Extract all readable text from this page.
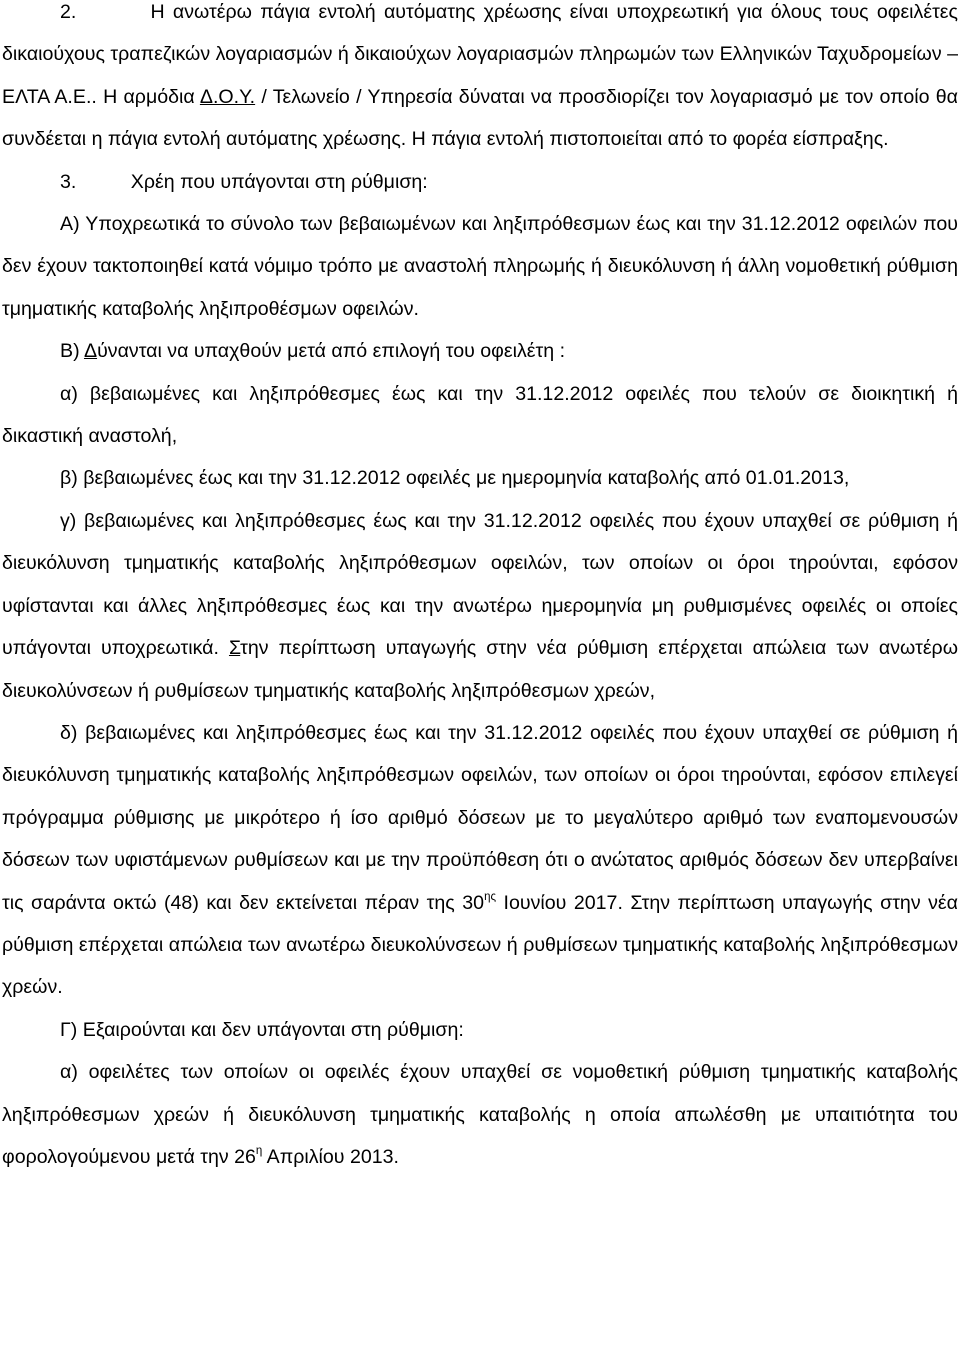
2.	Η ανωτέρω πάγια εντολή αυτόματης χρέωσης είναι υποχρεωτική για όλους τους οφειλέτες δικαιούχους τραπεζικών λογαριασμών ή δικαιούχων λογαριασμών πληρωμών των Ελληνικών Ταχυδρομείων – ΕΛΤΑ Α.Ε.. Η αρμόδια Δ.Ο.Υ. / Τελωνείο / Υπηρεσία δύναται να προσδιορίζει τον λογαριασμό με τον οποίο θα συνδέεται η πάγια εντολή αυτόματης χρέωσης. Η πάγια εντολή πιστοποιείται από το φορέα είσπραξης.

3.	Χρέη που υπάγονται στη ρύθμιση:

Α) Υποχρεωτικά το σύνολο των βεβαιωμένων και ληξιπρόθεσμων έως και την 31.12.2012 οφειλών που δεν έχουν τακτοποιηθεί κατά νόμιμο τρόπο με αναστολή πληρωμής ή διευκόλυνση ή άλλη νομοθετική ρύθμιση τμηματικής καταβολής ληξιπροθέσμων οφειλών.

Β) Δύνανται να υπαχθούν μετά από επιλογή του οφειλέτη :

α) βεβαιωμένες και ληξιπρόθεσμες έως και την 31.12.2012 οφειλές που τελούν σε διοικητική ή δικαστική αναστολή,

β) βεβαιωμένες έως και την 31.12.2012 οφειλές με ημερομηνία καταβολής από 01.01.2013,

γ) βεβαιωμένες και ληξιπρόθεσμες έως και την 31.12.2012 οφειλές που έχουν υπαχθεί σε ρύθμιση ή διευκόλυνση τμηματικής καταβολής ληξιπρόθεσμων οφειλών, των οποίων οι όροι τηρούνται, εφόσον υφίστανται και άλλες ληξιπρόθεσμες έως και την ανωτέρω ημερομηνία μη ρυθμισμένες οφειλές οι οποίες υπάγονται υποχρεωτικά. Στην περίπτωση υπαγωγής στην νέα ρύθμιση επέρχεται απώλεια των ανωτέρω διευκολύνσεων ή ρυθμίσεων τμηματικής καταβολής ληξιπρόθεσμων χρεών,

δ) βεβαιωμένες και ληξιπρόθεσμες έως και την 31.12.2012 οφειλές που έχουν υπαχθεί σε ρύθμιση ή διευκόλυνση τμηματικής καταβολής ληξιπρόθεσμων οφειλών, των οποίων οι όροι τηρούνται, εφόσον επιλεγεί πρόγραμμα ρύθμισης με μικρότερο ή ίσο αριθμό δόσεων με το μεγαλύτερο αριθμό των εναπομενουσών δόσεων των υφιστάμενων ρυθμίσεων και με την προϋπόθεση ότι ο ανώτατος αριθμός δόσεων δεν υπερβαίνει τις σαράντα οκτώ (48) και δεν εκτείνεται πέραν της $30^{\eta\varsigma}$ Ιουνίου 2017. Στην περίπτωση υπαγωγής στην νέα ρύθμιση επέρχεται απώλεια των ανωτέρω διευκολύνσεων ή ρυθμίσεων τμηματικής καταβολής ληξιπρόθεσμων χρεών.

Γ) Εξαιρούνται και δεν υπάγονται στη ρύθμιση:

α) οφειλέτες των οποίων οι οφειλές έχουν υπαχθεί σε νομοθετική ρύθμιση τμηματικής καταβολής ληξιπρόθεσμων χρεών ή διευκόλυνση τμηματικής καταβολής η οποία απωλέσθη με υπαιτιότητα του φορολογούμενου μετά την $26^\eta$ Απριλίου 2013.
